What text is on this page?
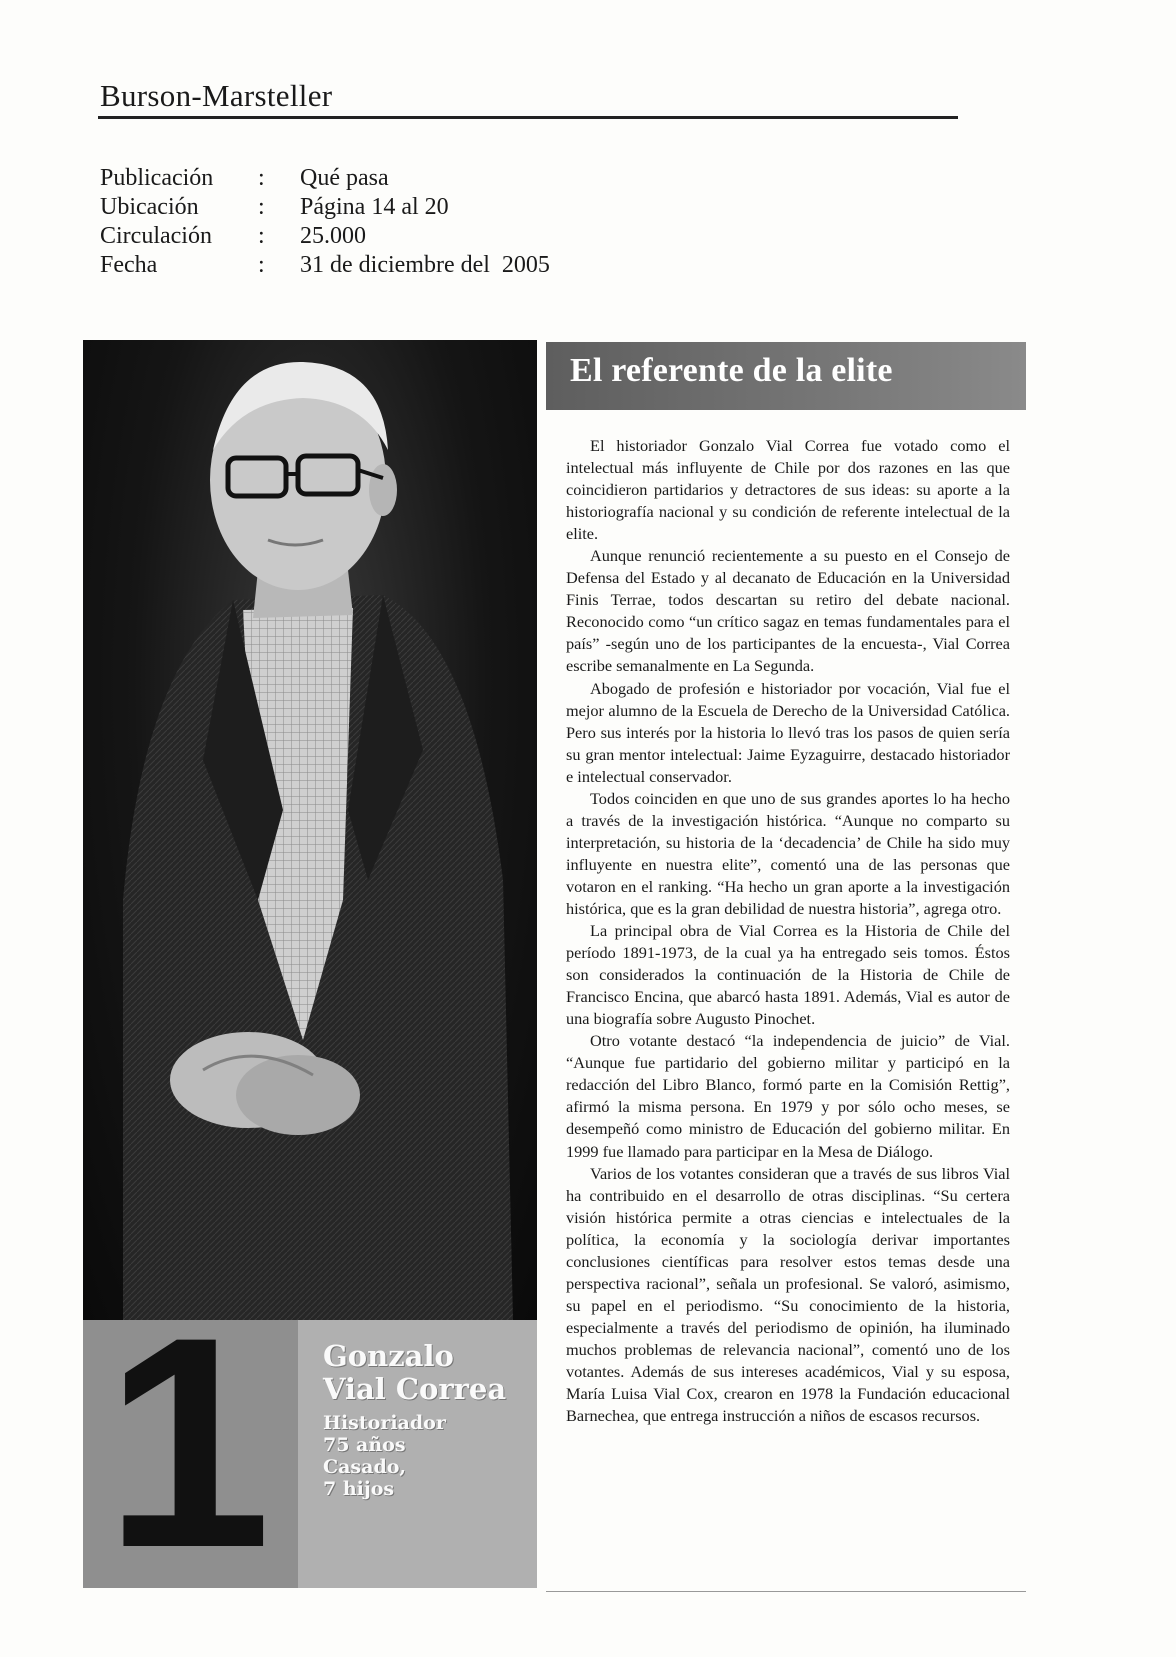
Burson-Marsteller
Publicación	:	Qué pasa
Ubicación	:	Página 14 al 20
Circulación	:	25.000
Fecha	:	31 de diciembre del  2005
1	Gonzalo
Vial Correa
Historiador
75 años
Casado,
7 hijos
El referente de la elite

El historiador Gonzalo Vial Correa fue votado como el intelectual más influyente de Chile por dos razones en las que coincidieron partidarios y detractores de sus ideas: su aporte a la historiografía nacional y su condición de referente intelectual de la elite.

Aunque renunció recientemente a su puesto en el Consejo de Defensa del Estado y al decanato de Educación en la Universidad Finis Terrae, todos descartan su retiro del debate nacional. Reconocido como “un crítico sagaz en temas fundamentales para el país” -según uno de los participantes de la encuesta-, Vial Correa escribe semanalmente en La Segunda.

Abogado de profesión e historiador por vocación, Vial fue el mejor alumno de la Escuela de Derecho de la Universidad Católica. Pero sus interés por la historia lo llevó tras los pasos de quien sería su gran mentor intelectual: Jaime Eyzaguirre, destacado historiador e intelectual conservador.

Todos coinciden en que uno de sus grandes aportes lo ha hecho a través de la investigación histórica. “Aunque no comparto su interpretación, su historia de la ‘decadencia’ de Chile ha sido muy influyente en nuestra elite”, comentó una de las personas que votaron en el ranking. “Ha hecho un gran aporte a la investigación histórica, que es la gran debilidad de nuestra historia”, agrega otro.

La principal obra de Vial Correa es la Historia de Chile del período 1891-1973, de la cual ya ha entregado seis tomos. Éstos son considerados la continuación de la Historia de Chile de Francisco Encina, que abarcó hasta 1891. Además, Vial es autor de una biografía sobre Augusto Pinochet.

Otro votante destacó “la independencia de juicio” de Vial. “Aunque fue partidario del gobierno militar y participó en la redacción del Libro Blanco, formó parte en la Comisión Rettig”, afirmó la misma persona. En 1979 y por sólo ocho meses, se desempeñó como ministro de Educación del gobierno militar. En 1999 fue llamado para participar en la Mesa de Diálogo.

Varios de los votantes consideran que a través de sus libros Vial ha contribuido en el desarrollo de otras disciplinas. “Su certera visión histórica permite a otras ciencias e intelectuales de la política, la economía y la sociología derivar importantes conclusiones científicas para resolver estos temas desde una perspectiva racional”, señala un profesional. Se valoró, asimismo, su papel en el periodismo. “Su conocimiento de la historia, especialmente a través del periodismo de opinión, ha iluminado muchos problemas de relevancia nacional”, comentó uno de los votantes. Además de sus intereses académicos, Vial y su esposa, María Luisa Vial Cox, crearon en 1978 la Fundación educacional Barnechea, que entrega instrucción a niños de escasos recursos.
